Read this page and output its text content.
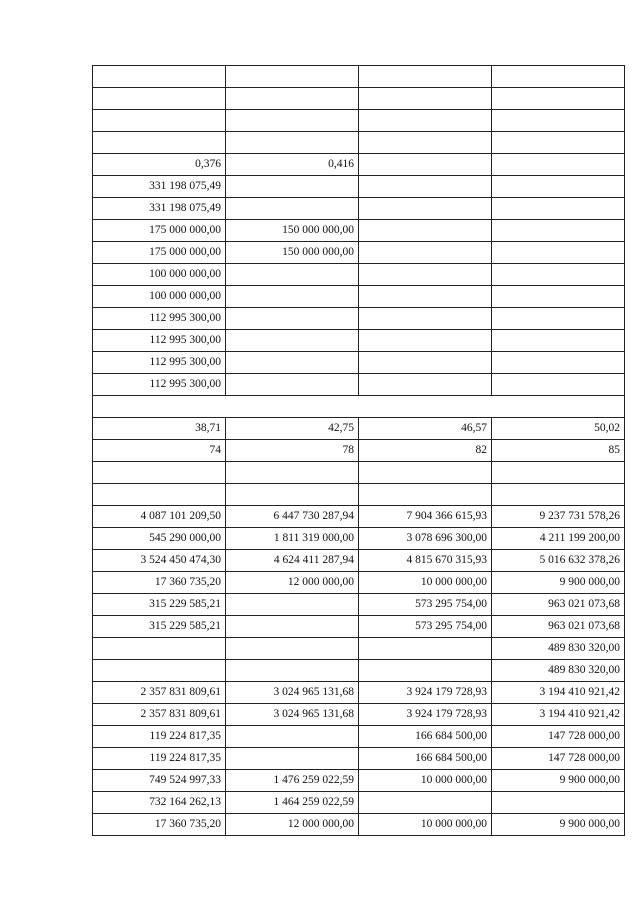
0,376	0,416		
331 198 075,49			
331 198 075,49			
175 000 000,00	150 000 000,00		
175 000 000,00	150 000 000,00		
100 000 000,00			
100 000 000,00			
112 995 300,00			
112 995 300,00			
112 995 300,00			
112 995 300,00			

38,71	42,75	46,57	50,02
74	78	82	85

4 087 101 209,50	6 447 730 287,94	7 904 366 615,93	9 237 731 578,26
545 290 000,00	1 811 319 000,00	3 078 696 300,00	4 211 199 200,00
3 524 450 474,30	4 624 411 287,94	4 815 670 315,93	5 016 632 378,26
17 360 735,20	12 000 000,00	10 000 000,00	9 900 000,00
315 229 585,21		573 295 754,00	963 021 073,68
315 229 585,21		573 295 754,00	963 021 073,68
			489 830 320,00
			489 830 320,00
2 357 831 809,61	3 024 965 131,68	3 924 179 728,93	3 194 410 921,42
2 357 831 809,61	3 024 965 131,68	3 924 179 728,93	3 194 410 921,42
119 224 817,35		166 684 500,00	147 728 000,00
119 224 817,35		166 684 500,00	147 728 000,00
749 524 997,33	1 476 259 022,59	10 000 000,00	9 900 000,00
732 164 262,13	1 464 259 022,59		
17 360 735,20	12 000 000,00	10 000 000,00	9 900 000,00
